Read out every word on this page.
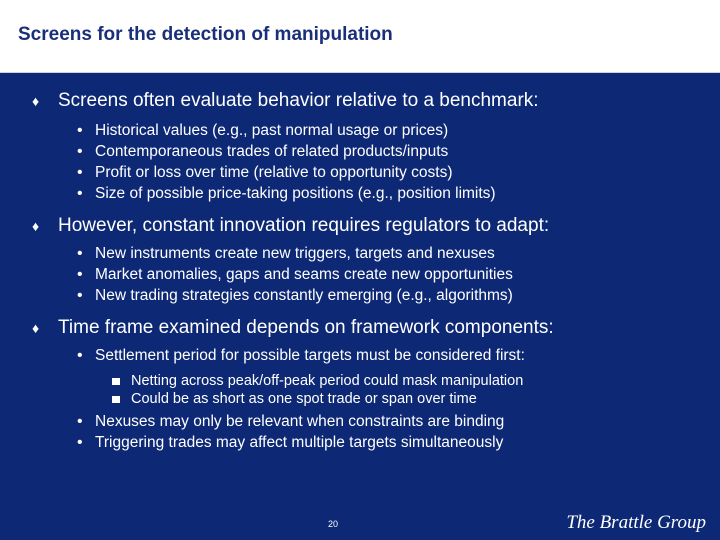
Screens for the detection of manipulation
♦ Screens often evaluate behavior relative to a benchmark:
• Historical values (e.g., past normal usage or prices)
• Contemporaneous trades of related products/inputs
• Profit or loss over time (relative to opportunity costs)
• Size of possible price-taking positions (e.g., position limits)
♦ However, constant innovation requires regulators to adapt:
• New instruments create new triggers, targets and nexuses
• Market anomalies, gaps and seams create new opportunities
• New trading strategies constantly emerging (e.g., algorithms)
♦ Time frame examined depends on framework components:
• Settlement period for possible targets must be considered first:
Netting across peak/off-peak period could mask manipulation
Could be as short as one spot trade or span over time
• Nexuses may only be relevant when constraints are binding
• Triggering trades may affect multiple targets simultaneously
20	The Brattle Group
